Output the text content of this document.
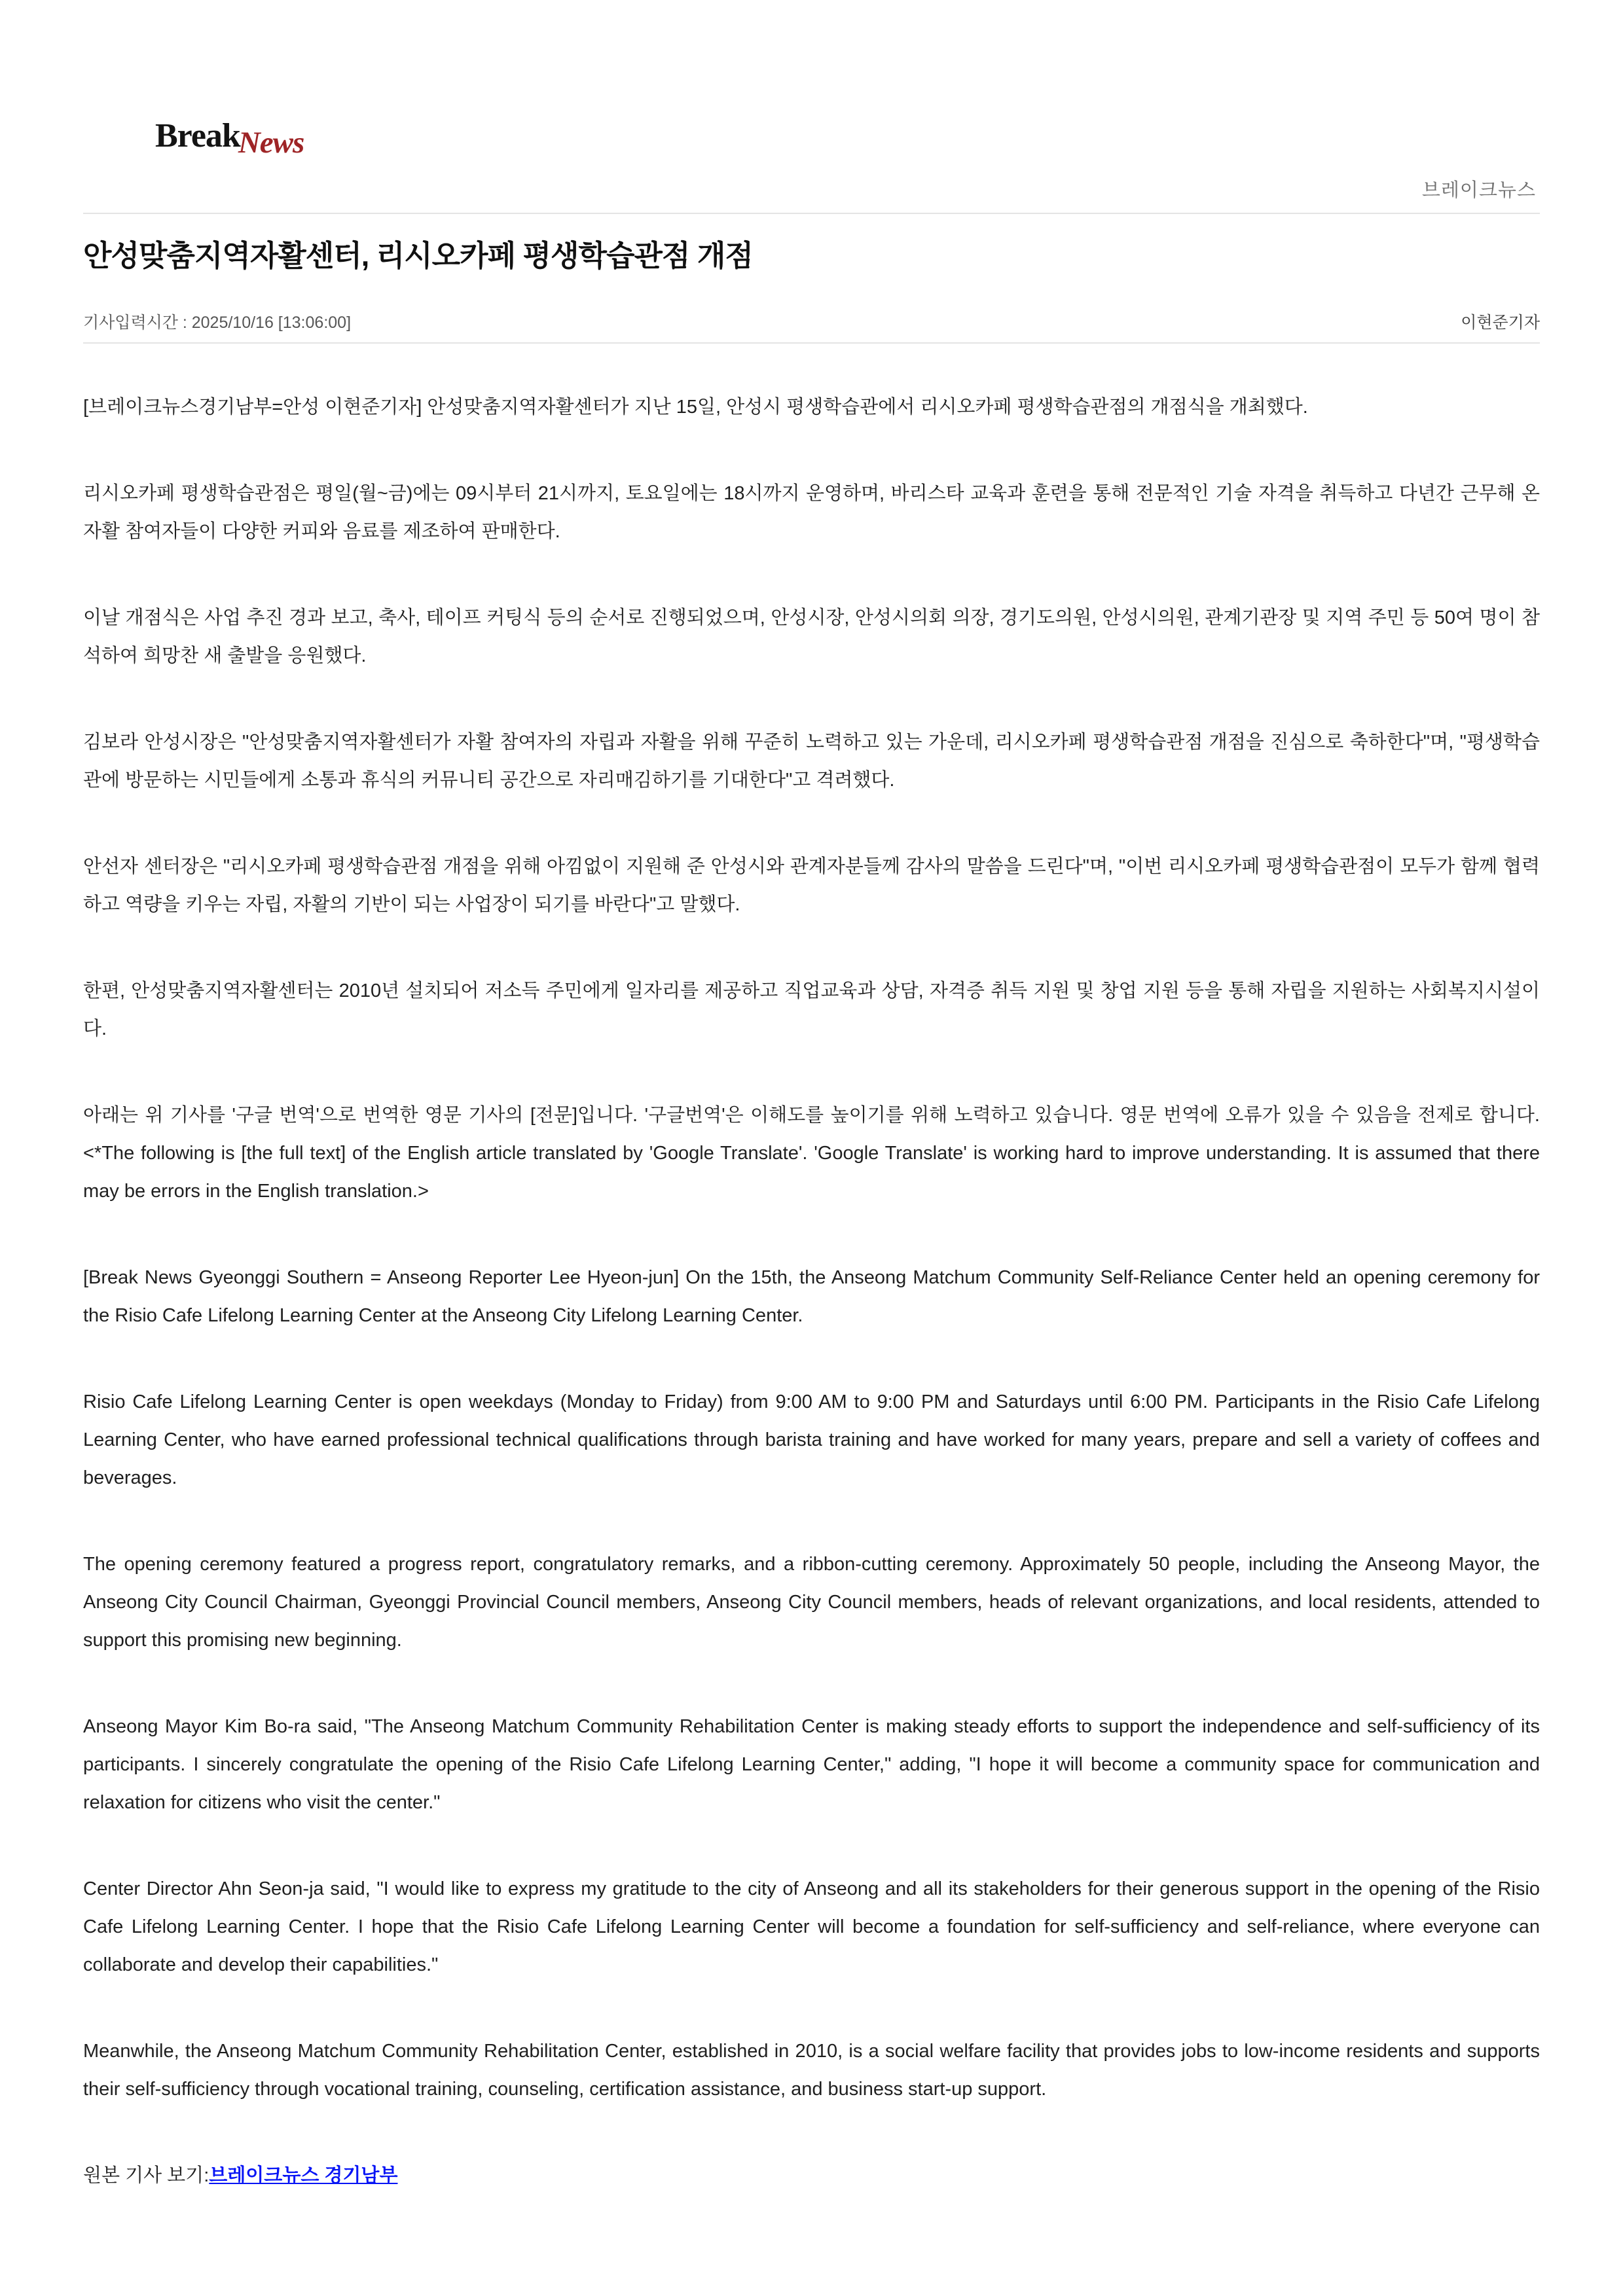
BreakNews
브레이크뉴스
안성맞춤지역자활센터, 리시오카페 평생학습관점 개점
기사입력시간 : 2025/10/16 [13:06:00]	이현준기자

[브레이크뉴스경기남부=안성 이현준기자] 안성맞춤지역자활센터가 지난 15일, 안성시 평생학습관에서 리시오카페 평생학습관점의 개점식을 개최했다.

리시오카페 평생학습관점은 평일(월~금)에는 09시부터 21시까지, 토요일에는 18시까지 운영하며, 바리스타 교육과 훈련을 통해 전문적인 기술 자격을 취득하고 다년간 근무해 온 자활 참여자들이 다양한 커피와 음료를 제조하여 판매한다.

이날 개점식은 사업 추진 경과 보고, 축사, 테이프 커팅식 등의 순서로 진행되었으며, 안성시장, 안성시의회 의장, 경기도의원, 안성시의원, 관계기관장 및 지역 주민 등 50여 명이 참석하여 희망찬 새 출발을 응원했다.

김보라 안성시장은 "안성맞춤지역자활센터가 자활 참여자의 자립과 자활을 위해 꾸준히 노력하고 있는 가운데, 리시오카페 평생학습관점 개점을 진심으로 축하한다"며, "평생학습관에 방문하는 시민들에게 소통과 휴식의 커뮤니티 공간으로 자리매김하기를 기대한다"고 격려했다.

안선자 센터장은 "리시오카페 평생학습관점 개점을 위해 아낌없이 지원해 준 안성시와 관계자분들께 감사의 말씀을 드린다"며, "이번 리시오카페 평생학습관점이 모두가 함께 협력하고 역량을 키우는 자립, 자활의 기반이 되는 사업장이 되기를 바란다"고 말했다.

한편, 안성맞춤지역자활센터는 2010년 설치되어 저소득 주민에게 일자리를 제공하고 직업교육과 상담, 자격증 취득 지원 및 창업 지원 등을 통해 자립을 지원하는 사회복지시설이다.

아래는 위 기사를 '구글 번역'으로 번역한 영문 기사의 [전문]입니다. '구글번역'은 이해도를 높이기를 위해 노력하고 있습니다. 영문 번역에 오류가 있을 수 있음을 전제로 합니다.<*The following is [the full text] of the English article translated by 'Google Translate'. 'Google Translate' is working hard to improve understanding. It is assumed that there may be errors in the English translation.>

[Break News Gyeonggi Southern = Anseong Reporter Lee Hyeon-jun] On the 15th, the Anseong Matchum Community Self-Reliance Center held an opening ceremony for the Risio Cafe Lifelong Learning Center at the Anseong City Lifelong Learning Center.

Risio Cafe Lifelong Learning Center is open weekdays (Monday to Friday) from 9:00 AM to 9:00 PM and Saturdays until 6:00 PM. Participants in the Risio Cafe Lifelong Learning Center, who have earned professional technical qualifications through barista training and have worked for many years, prepare and sell a variety of coffees and beverages.

The opening ceremony featured a progress report, congratulatory remarks, and a ribbon-cutting ceremony. Approximately 50 people, including the Anseong Mayor, the Anseong City Council Chairman, Gyeonggi Provincial Council members, Anseong City Council members, heads of relevant organizations, and local residents, attended to support this promising new beginning.

Anseong Mayor Kim Bo-ra said, "The Anseong Matchum Community Rehabilitation Center is making steady efforts to support the independence and self-sufficiency of its participants. I sincerely congratulate the opening of the Risio Cafe Lifelong Learning Center," adding, "I hope it will become a community space for communication and relaxation for citizens who visit the center."

Center Director Ahn Seon-ja said, "I would like to express my gratitude to the city of Anseong and all its stakeholders for their generous support in the opening of the Risio Cafe Lifelong Learning Center. I hope that the Risio Cafe Lifelong Learning Center will become a foundation for self-sufficiency and self-reliance, where everyone can collaborate and develop their capabilities."

Meanwhile, the Anseong Matchum Community Rehabilitation Center, established in 2010, is a social welfare facility that provides jobs to low-income residents and supports their self-sufficiency through vocational training, counseling, certification assistance, and business start-up support.

원본 기사 보기:브레이크뉴스 경기남부
